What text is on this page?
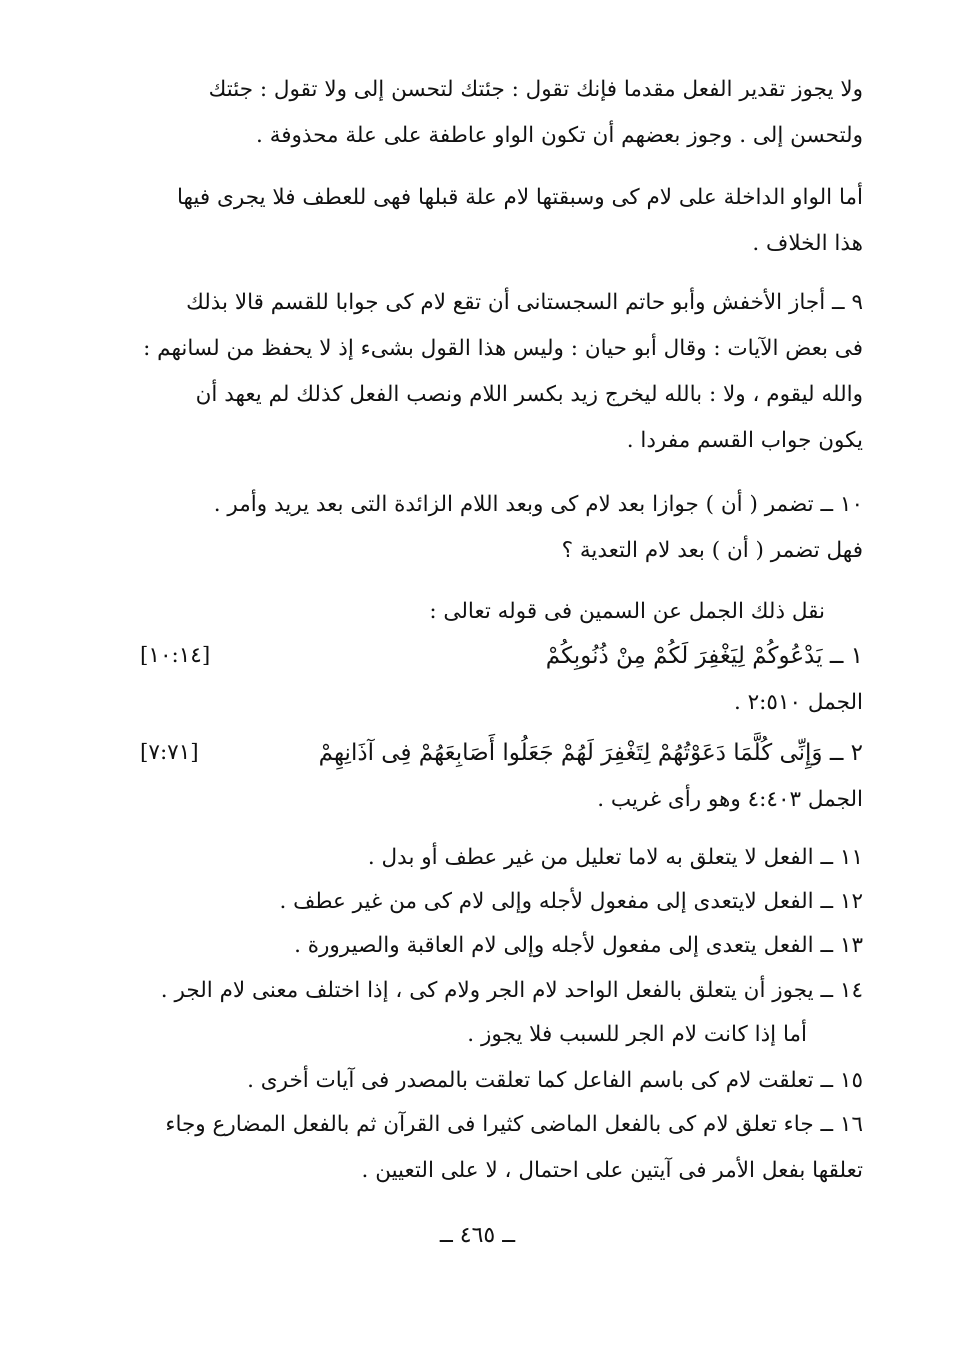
ولا يجوز تقدير الفعل مقدما فإنك تقول : جئتك لتحسن إلى ولا تقول : جئتك
ولتحسن إلى . وجوز بعضهم أن تكون الواو عاطفة على علة محذوفة .
أما الواو الداخلة على لام كى وسبقتها لام علة قبلها فهى للعطف فلا يجرى فيها
هذا الخلاف .
٩ ــ أجاز الأخفش وأبو حاتم السجستانى أن تقع لام كى جوابا للقسم قالا بذلك
فى بعض الآيات : وقال أبو حيان : وليس هذا القول بشىء إذ لا يحفظ من لسانهم :
والله ليقوم ، ولا : بالله ليخرج زيد بكسر اللام ونصب الفعل كذلك لم يعهد أن
يكون جواب القسم مفردا .
١٠ ــ تضمر ( أن ) جوازا بعد لام كى وبعد اللام الزائدة التى بعد يريد وأمر .
فهل تضمر ( أن ) بعد لام التعدية ؟
نقل ذلك الجمل عن السمين فى قوله تعالى :
١ ــ يَدْعُوكُمْ لِيَغْفِرَ لَكُمْ مِنْ ذُنُوبِكُمْ
[١٠:١٤]
الجمل ٢:٥١٠ .
٢ ــ وَإِنِّى كُلَّمَا دَعَوْتُهُمْ لِتَغْفِرَ لَهُمْ جَعَلُوا أَصَابِعَهُمْ فِى آذَانِهِمْ
[٧:٧١]
الجمل ٤:٤٠٣ وهو رأى غريب .
١١ ــ الفعل لا يتعلق به لاما تعليل من غير عطف أو بدل .
١٢ ــ الفعل لايتعدى إلى مفعول لأجله وإلى لام كى من غير عطف .
١٣ ــ الفعل يتعدى إلى مفعول لأجله وإلى لام العاقبة والصيرورة .
١٤ ــ يجوز أن يتعلق بالفعل الواحد لام الجر ولام كى ، إذا اختلف معنى لام الجر .
أما إذا كانت لام الجر للسبب فلا يجوز .
١٥ ــ تعلقت لام كى باسم الفاعل كما تعلقت بالمصدر فى آيات أخرى .
١٦ ــ جاء تعلق لام كى بالفعل الماضى كثيرا فى القرآن ثم بالفعل المضارع وجاء
تعلقها بفعل الأمر فى آيتين على احتمال ، لا على التعيين .
ــ ٤٦٥ ــ
